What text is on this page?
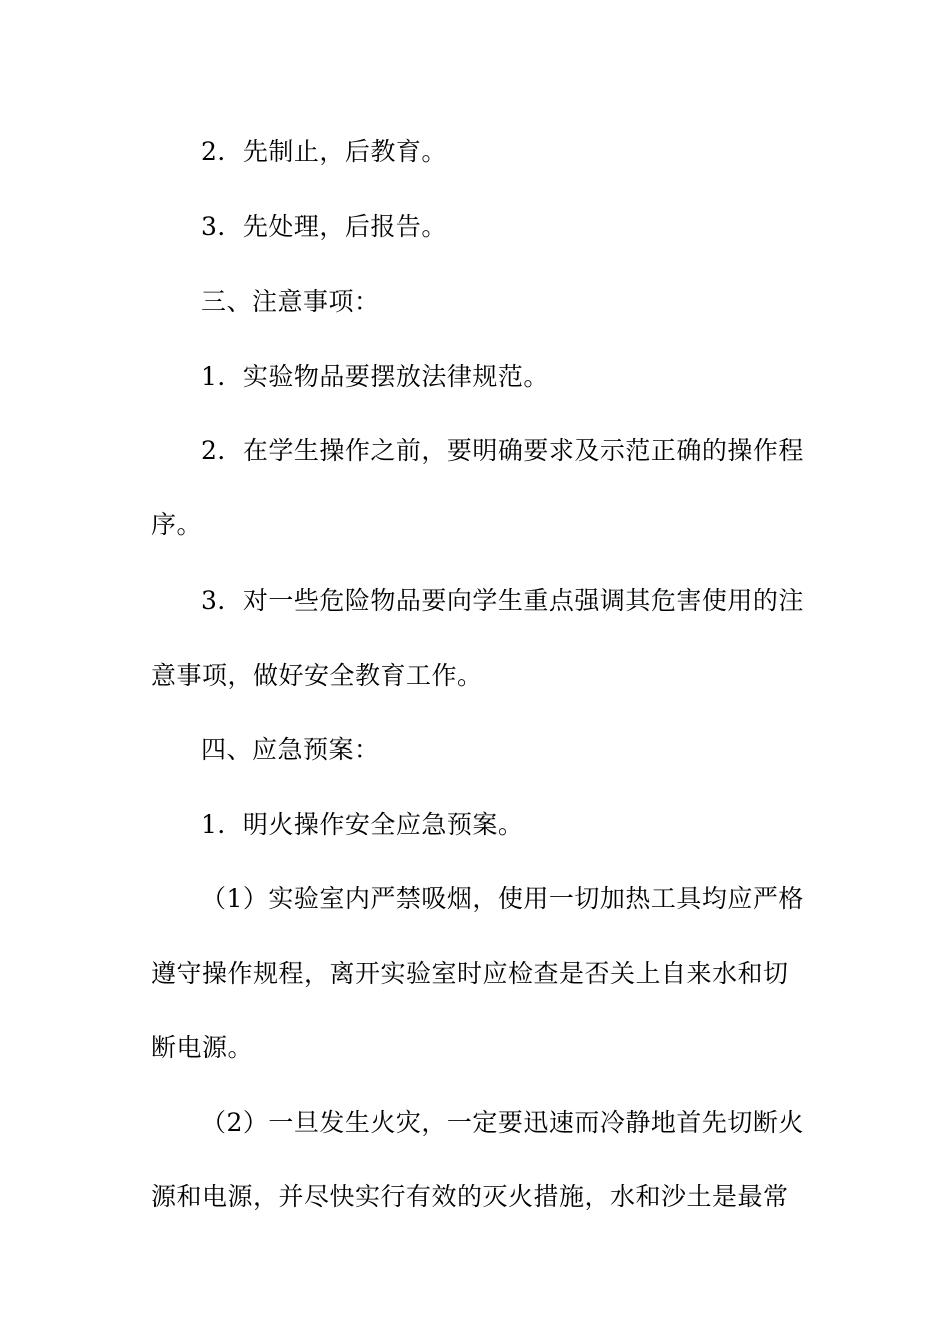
2．先制止，后教育。
3．先处理，后报告。
三、注意事项：
1．实验物品要摆放法律规范。
2．在学生操作之前，要明确要求及示范正确的操作程
序。
3．对一些危险物品要向学生重点强调其危害使用的注
意事项，做好安全教育工作。
四、应急预案：
1．明火操作安全应急预案。
（1）实验室内严禁吸烟，使用一切加热工具均应严格
遵守操作规程，离开实验室时应检查是否关上自来水和切
断电源。
（2）一旦发生火灾，一定要迅速而冷静地首先切断火
源和电源，并尽快实行有效的灭火措施，水和沙土是最常
